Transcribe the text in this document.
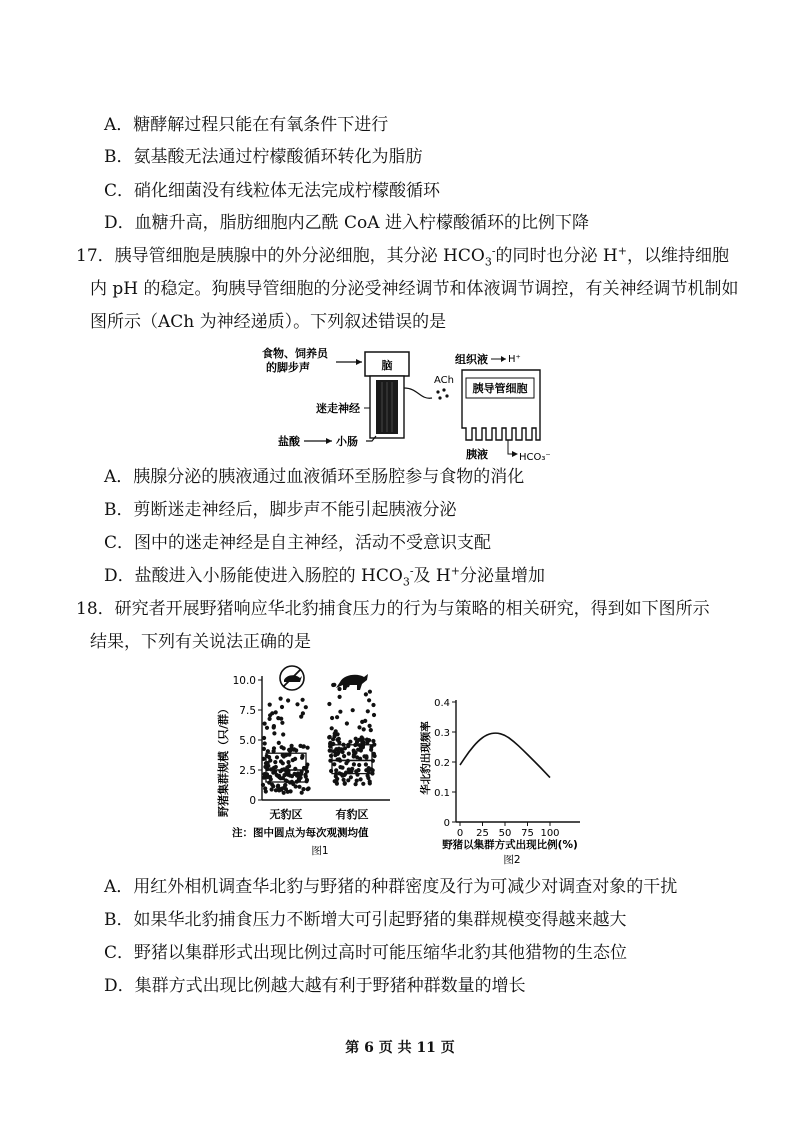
A．糖酵解过程只能在有氧条件下进行
B．氨基酸无法通过柠檬酸循环转化为脂肪
C．硝化细菌没有线粒体无法完成柠檬酸循环
D．血糖升高，脂肪细胞内乙酰 CoA 进入柠檬酸循环的比例下降
17．胰导管细胞是胰腺中的外分泌细胞，其分泌 $HCO_3^-$的同时也分泌 H+，以维持细胞
内 pH 的稳定。狗胰导管细胞的分泌受神经调节和体液调节调控，有关神经调节机制如
图所示（ACh 为神经递质）。下列叙述错误的是
食物、饲养员
的脚步声	脑
迷走神经
盐酸	小肠
ACh
组织液 H⁺
胰导管细胞
胰液	HCO₃⁻
A．胰腺分泌的胰液通过血液循环至肠腔参与食物的消化
B．剪断迷走神经后，脚步声不能引起胰液分泌
C．图中的迷走神经是自主神经，活动不受意识支配
D．盐酸进入小肠能使进入肠腔的 $HCO_3^-$及 H+分泌量增加
18．研究者开展野猪响应华北豹捕食压力的行为与策略的相关研究，得到如下图所示
结果，下列有关说法正确的是
0
2.5
5.0
7.5
10.0
野猪集群规模（只/群）	无豹区	有豹区
注：图中圆点为每次观测均值
图1
0
0.1
0.2
0.3
0.4
0 25 50 75 100
华北豹出现频率
野猪以集群方式出现比例(%)
图2
A．用红外相机调查华北豹与野猪的种群密度及行为可减少对调查对象的干扰
B．如果华北豹捕食压力不断增大可引起野猪的集群规模变得越来越大
C．野猪以集群形式出现比例过高时可能压缩华北豹其他猎物的生态位
D．集群方式出现比例越大越有利于野猪种群数量的增长
第 6 页 共 11 页
